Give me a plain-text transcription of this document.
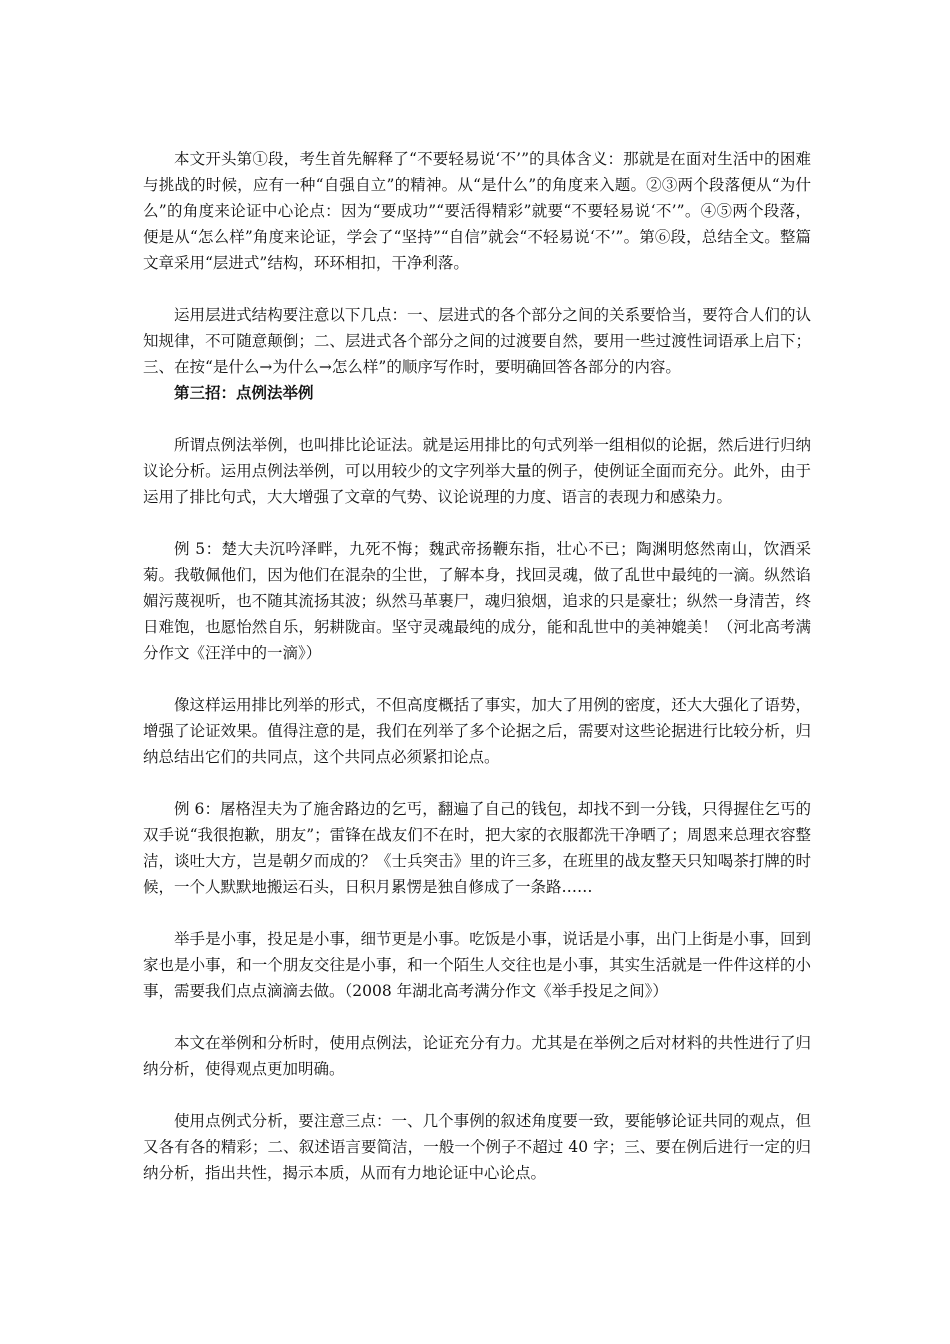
本文开头第①段，考生首先解释了“不要轻易说‘不’”的具体含义：那就是在面对生活中的困难与挑战的时候，应有一种“自强自立”的精神。从“是什么”的角度来入题。②③两个段落便从“为什么”的角度来论证中心论点：因为“要成功”“要活得精彩”就要“不要轻易说‘不’”。④⑤两个段落，便是从“怎么样”角度来论证，学会了“坚持”“自信”就会“不轻易说‘不’”。第⑥段，总结全文。整篇文章采用“层进式”结构，环环相扣，干净利落。

运用层进式结构要注意以下几点：一、层进式的各个部分之间的关系要恰当，要符合人们的认知规律，不可随意颠倒；二、层进式各个部分之间的过渡要自然，要用一些过渡性词语承上启下；三、在按“是什么→为什么→怎么样”的顺序写作时，要明确回答各部分的内容。

第三招：点例法举例

所谓点例法举例，也叫排比论证法。就是运用排比的句式列举一组相似的论据，然后进行归纳议论分析。运用点例法举例，可以用较少的文字列举大量的例子，使例证全面而充分。此外，由于运用了排比句式，大大增强了文章的气势、议论说理的力度、语言的表现力和感染力。

例 5：楚大夫沉吟泽畔，九死不悔；魏武帝扬鞭东指，壮心不已；陶渊明悠然南山，饮酒采菊。我敬佩他们，因为他们在混杂的尘世，了解本身，找回灵魂，做了乱世中最纯的一滴。纵然谄媚污蔑视听，也不随其流扬其波；纵然马革裹尸，魂归狼烟，追求的只是豪壮；纵然一身清苦，终日难饱，也愿怡然自乐，躬耕陇亩。坚守灵魂最纯的成分，能和乱世中的美神媲美！（河北高考满分作文《汪洋中的一滴》）

像这样运用排比列举的形式，不但高度概括了事实，加大了用例的密度，还大大强化了语势，增强了论证效果。值得注意的是，我们在列举了多个论据之后，需要对这些论据进行比较分析，归纳总结出它们的共同点，这个共同点必须紧扣论点。

例 6：屠格涅夫为了施舍路边的乞丐，翻遍了自己的钱包，却找不到一分钱，只得握住乞丐的双手说“我很抱歉，朋友”；雷锋在战友们不在时，把大家的衣服都洗干净晒了；周恩来总理衣容整洁，谈吐大方，岂是朝夕而成的？《士兵突击》里的许三多，在班里的战友整天只知喝茶打牌的时候，一个人默默地搬运石头，日积月累愣是独自修成了一条路……

举手是小事，投足是小事，细节更是小事。吃饭是小事，说话是小事，出门上街是小事，回到家也是小事，和一个朋友交往是小事，和一个陌生人交往也是小事，其实生活就是一件件这样的小事，需要我们点点滴滴去做。（2008 年湖北高考满分作文《举手投足之间》）

本文在举例和分析时，使用点例法，论证充分有力。尤其是在举例之后对材料的共性进行了归纳分析，使得观点更加明确。

使用点例式分析，要注意三点：一、几个事例的叙述角度要一致，要能够论证共同的观点，但又各有各的精彩；二、叙述语言要简洁，一般一个例子不超过 40 字；三、要在例后进行一定的归纳分析，指出共性，揭示本质，从而有力地论证中心论点。
